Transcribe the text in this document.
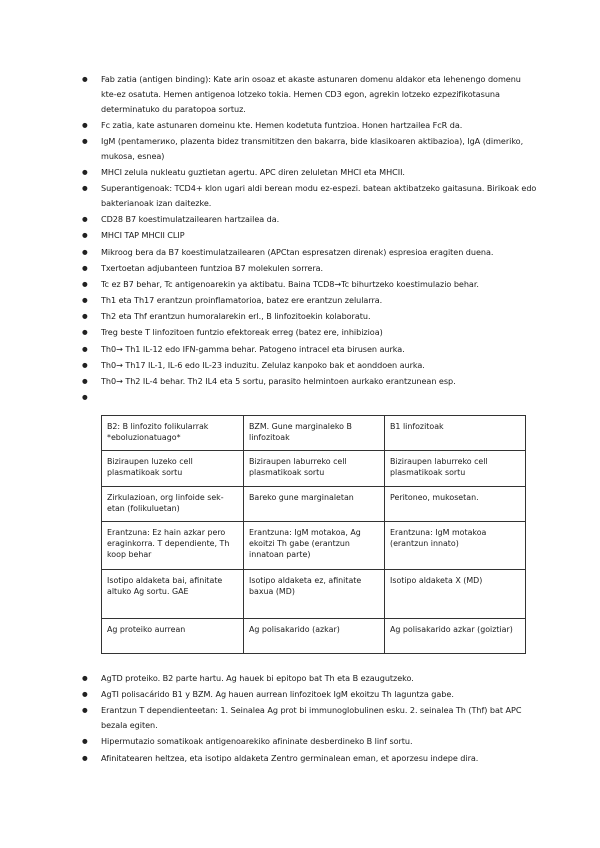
● Fab zatia (antigen binding): Kate arin osoaz et akaste astunaren domenu aldakor eta lehenengo domenu kte-ez osatuta. Hemen antigenoa lotzeko tokia. Hemen CD3 egon, agrekin lotzeko ezpezifikotasuna determinatuko du paratopoa sortuz.
● Fc zatia, kate astunaren domeinu kte. Hemen kodetuta funtzioa. Honen hartzailea FcR da.
● IgM (pentamerико, plazenta bidez transmititzen den bakarra, bide klasikoaren aktibazioa), IgA (dimeriko, mukosa, esnea)
● MHCI zelula nukleatu guztietan agertu. APC diren zeluletan MHCI eta MHCII.
● Superantigenoak: TCD4+ klon ugari aldi berean modu ez-espezi. batean aktibatzeko gaitasuna. Birikoak edo bakterianoak izan daitezke.
● CD28 B7 koestimulatzailearen hartzailea da.
● MHCI TAP MHCII CLIP
● Mikroog bera da B7 koestimulatzailearen (APCtan espresatzen direnak) espresioa eragiten duena.
● Txertoetan adjubanteen funtzioa B7 molekulen sorrera.
● Tc ez B7 behar, Tc antigenoarekin ya aktibatu. Baina TCD8→Tc bihurtzeko koestimulazio behar.
● Th1 eta Th17 erantzun proinflamatorioa, batez ere erantzun zelularra.
● Th2 eta Thf erantzun humoralarekin erl., B linfozitoekin kolaboratu.
● Treg beste T linfozitoen funtzio efektoreak erreg (batez ere, inhibizioa)
● Th0→ Th1 IL-12 edo IFN-gamma behar. Patogeno intracel eta birusen aurka.
● Th0→ Th17 IL-1, IL-6 edo IL-23 induzitu. Zelulaz kanpoko bak et aonddoen aurka.
● Th0→ Th2 IL-4 behar. Th2 IL4 eta 5 sortu, parasito helmintoen aurkako erantzunean esp.
B2: B linfozito folikularrak *eboluzionatuago*	BZM. Gune marginaleko B linfozitoak	B1 linfozitoak
Biziraupen luzeko cell plasmatikoak sortu	Biziraupen laburreko cell plasmatikoak sortu	Biziraupen laburreko cell plasmatikoak sortu
Zirkulazioan, org linfoide sek-etan (folikuluetan)	Bareko gune marginaletan	Peritoneo, mukosetan.
Erantzuna: Ez hain azkar pero eraginkorra. T dependiente, Th koop behar	Erantzuna: IgM motakoa, Ag ekoitzi Th gabe (erantzun innatoan parte)	Erantzuna: IgM motakoa (erantzun innato)
Isotipo aldaketa bai, afinitate altuko Ag sortu. GAE	Isotipo aldaketa ez, afinitate baxua (MD)	Isotipo aldaketa X (MD)
Ag proteiko aurrean	Ag polisakarido (azkar)	Ag polisakarido azkar (goiztiar)
● AgTD proteiko. B2 parte hartu. Ag hauek bi epitopo bat Th eta B ezaugutzeko.
● AgTI polisacárido B1 y BZM. Ag hauen aurrean linfozitoek IgM ekoitzu Th laguntza gabe.
● Erantzun T dependienteetan: 1. Seinalea Ag prot bi immunoglobulinen esku. 2. seinalea Th (Thf) bat APC bezala egiten.
● Hipermutazio somatikoak antigenoarekiko afininate desberdineko B linf sortu.
● Afinitatearen heltzea, eta isotipo aldaketa Zentro germinalean eman, et aporzesu indepe dira.
